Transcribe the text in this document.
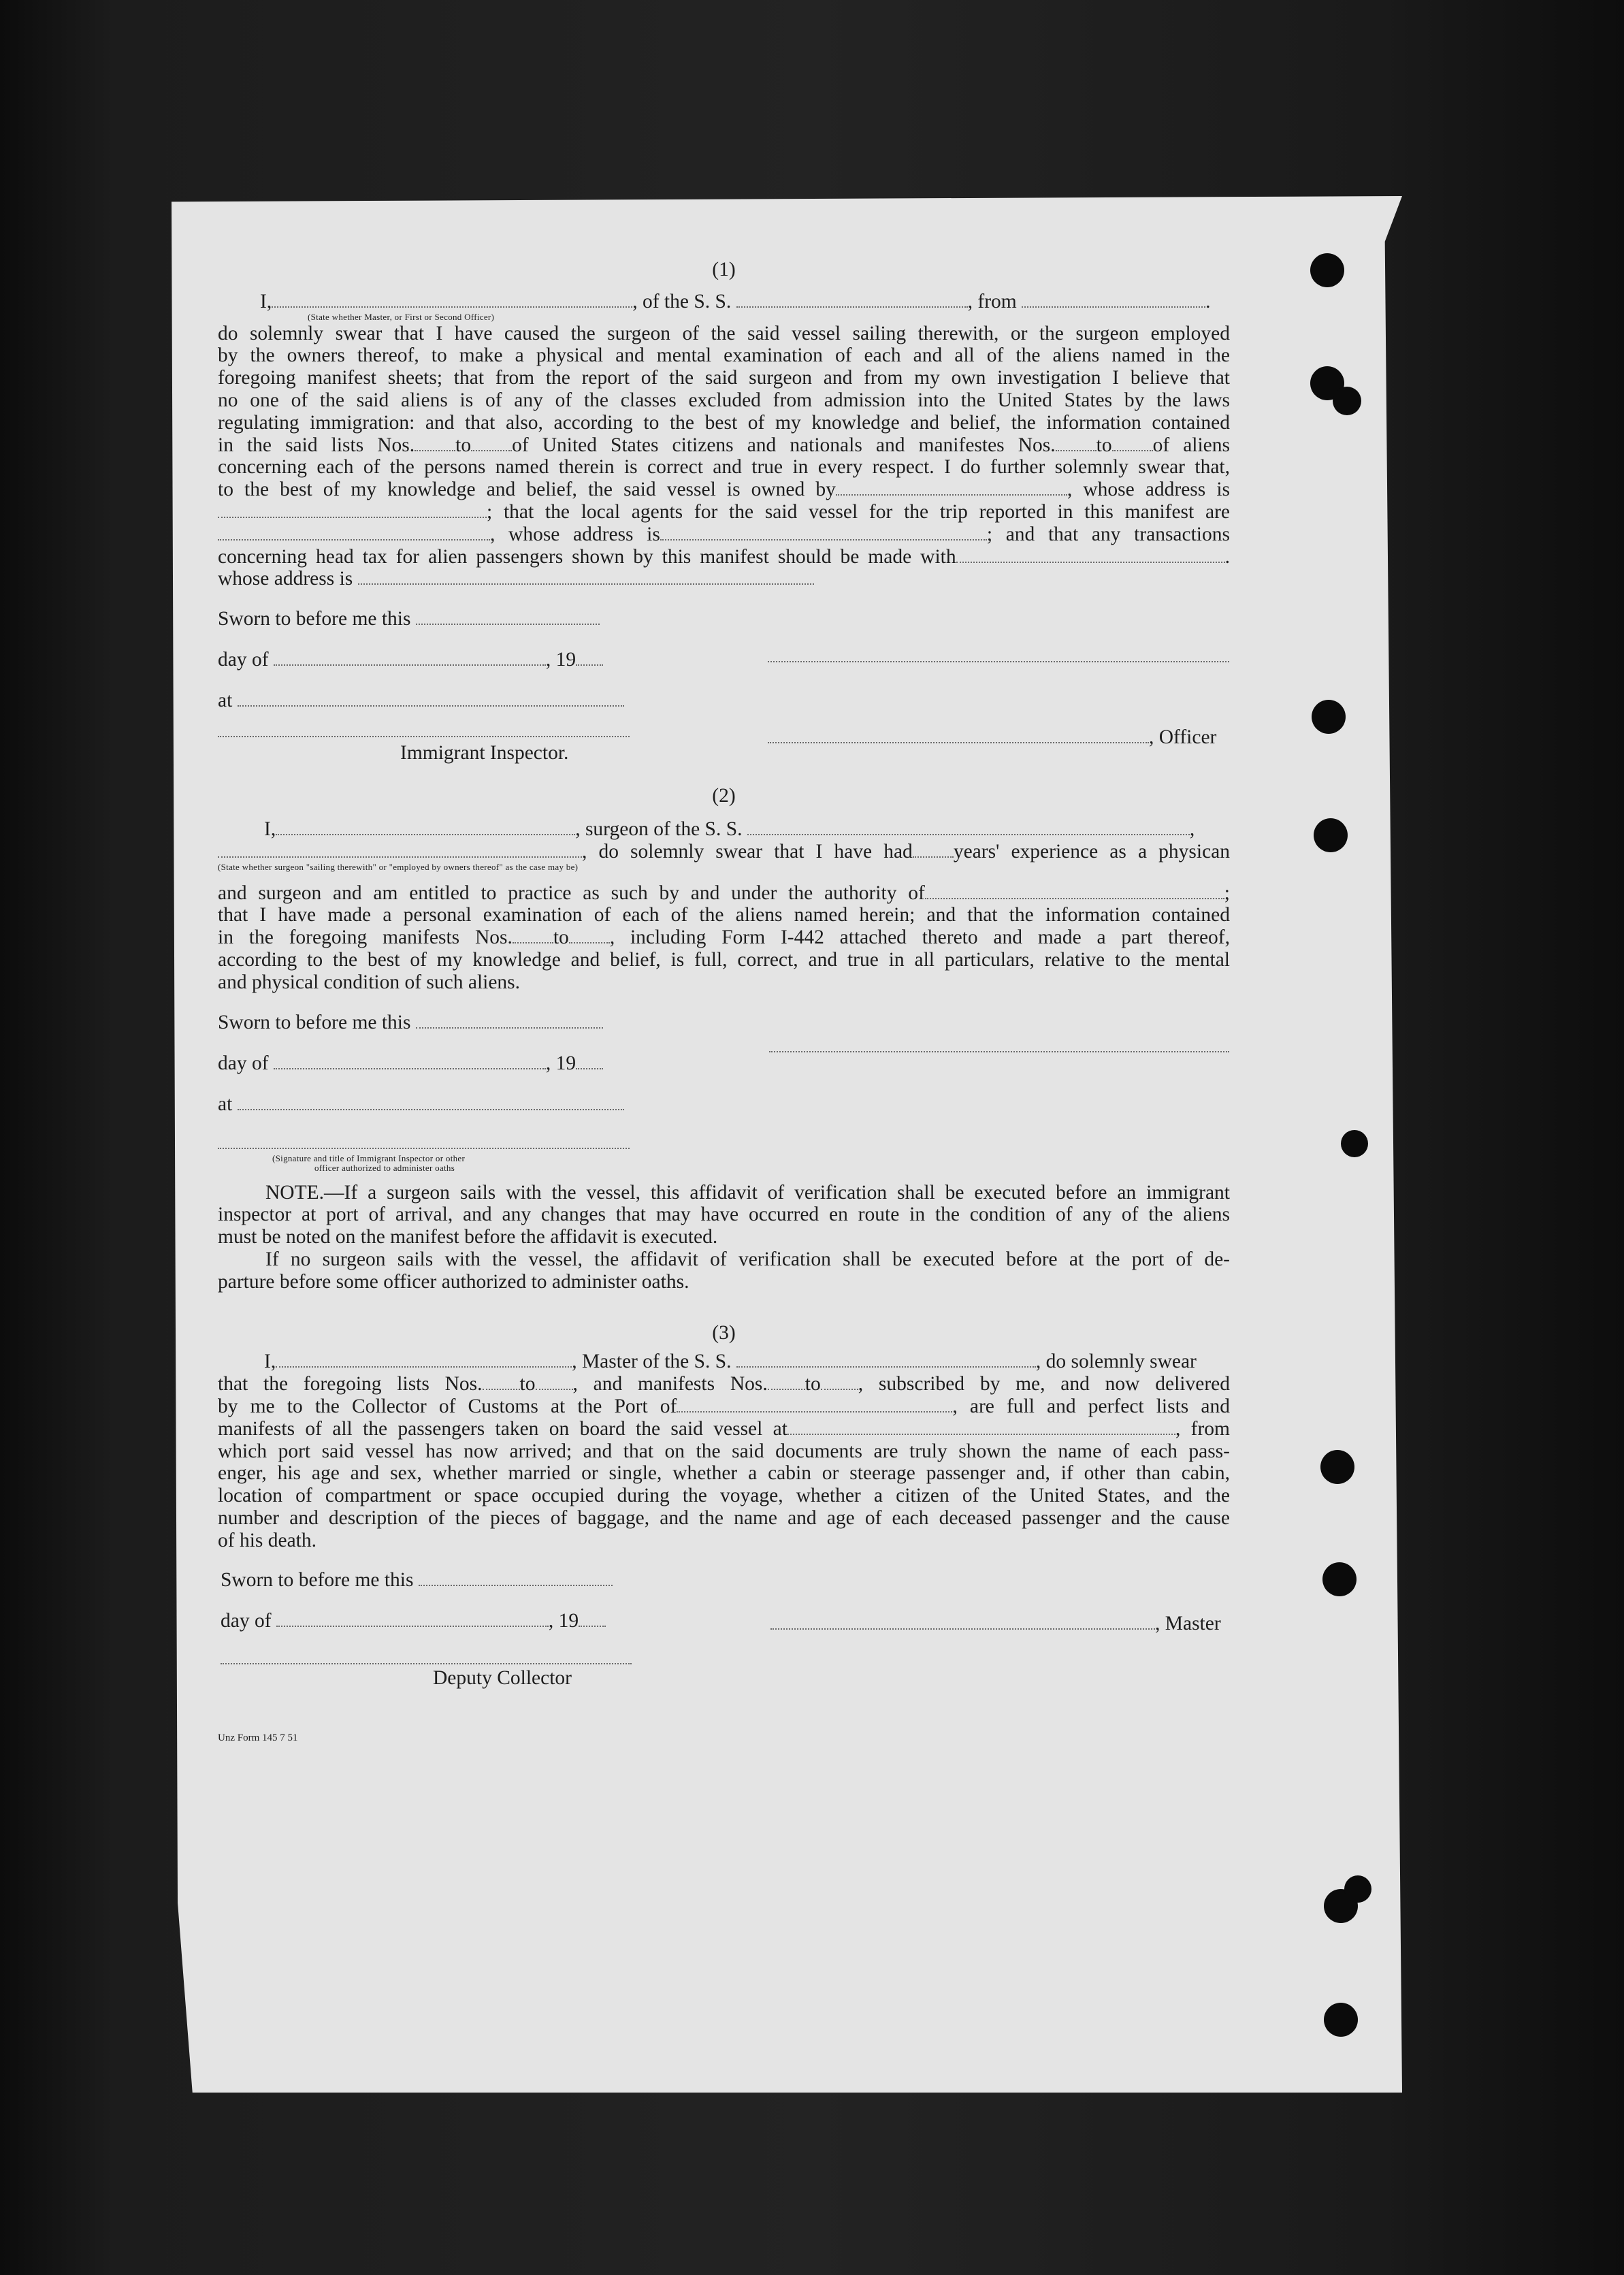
(1)

I,	, of the S. S.	, from	.
(State whether Master, or First or Second Officer)
do solemnly swear that I have caused the surgeon of the said vessel sailing therewith, or the surgeon employed
by the owners thereof, to make a physical and mental examination of each and all of the aliens named in the
foregoing manifest sheets; that from the report of the said surgeon and from my own investigation I believe that
no one of the said aliens is of any of the classes excluded from admission into the United States by the laws
regulating immigration: and that also, according to the best of my knowledge and belief, the information contained
in the said lists Nos. to of United States citizens and nationals and manifestes Nos. to of aliens
concerning each of the persons named therein is correct and true in every respect. I do further solemnly swear that,
to the best of my knowledge and belief, the said vessel is owned by	, whose address is
; that the local agents for the said vessel for the trip reported in this manifest are
, whose address is	; and that any transactions
concerning head tax for alien passengers shown by this manifest should be made with	.
whose address is
Sworn to before me this
day of	, 19
at
Immigrant Inspector.
, Officer

(2)

I,	, surgeon of the S. S.	,
, do solemnly swear that I have had years' experience as a physican
(State whether surgeon "sailing therewith" or "employed by owners thereof" as the case may be)
and surgeon and am entitled to practice as such by and under the authority of	;
that I have made a personal examination of each of the aliens named herein; and that the information contained
in the foregoing manifests Nos. to , including Form I-442 attached thereto and made a part thereof,
according to the best of my knowledge and belief, is full, correct, and true in all particulars, relative to the mental
and physical condition of such aliens.
Sworn to before me this
day of	, 19
at
(Signature and title of Immigrant Inspector or other
officer authorized to administer oaths
NOTE.—If a surgeon sails with the vessel, this affidavit of verification shall be executed before an immigrant
inspector at port of arrival, and any changes that may have occurred en route in the condition of any of the aliens
must be noted on the manifest before the affidavit is executed.
If no surgeon sails with the vessel, the affidavit of verification shall be executed before at the port of de-
parture before some officer authorized to administer oaths.

(3)

I,	, Master of the S. S.	, do solemnly swear
that the foregoing lists Nos. to , and manifests Nos. to , subscribed by me, and now delivered
by me to the Collector of Customs at the Port of	, are full and perfect lists and
manifests of all the passengers taken on board the said vessel at	, from
which port said vessel has now arrived; and that on the said documents are truly shown the name of each pass-
enger, his age and sex, whether married or single, whether a cabin or steerage passenger and, if other than cabin,
location of compartment or space occupied during the voyage, whether a citizen of the United States, and the
number and description of the pieces of baggage, and the name and age of each deceased passenger and the cause
of his death.
Sworn to before me this
day of	, 19	, Master
Deputy Collector
Unz Form 145 7 51
